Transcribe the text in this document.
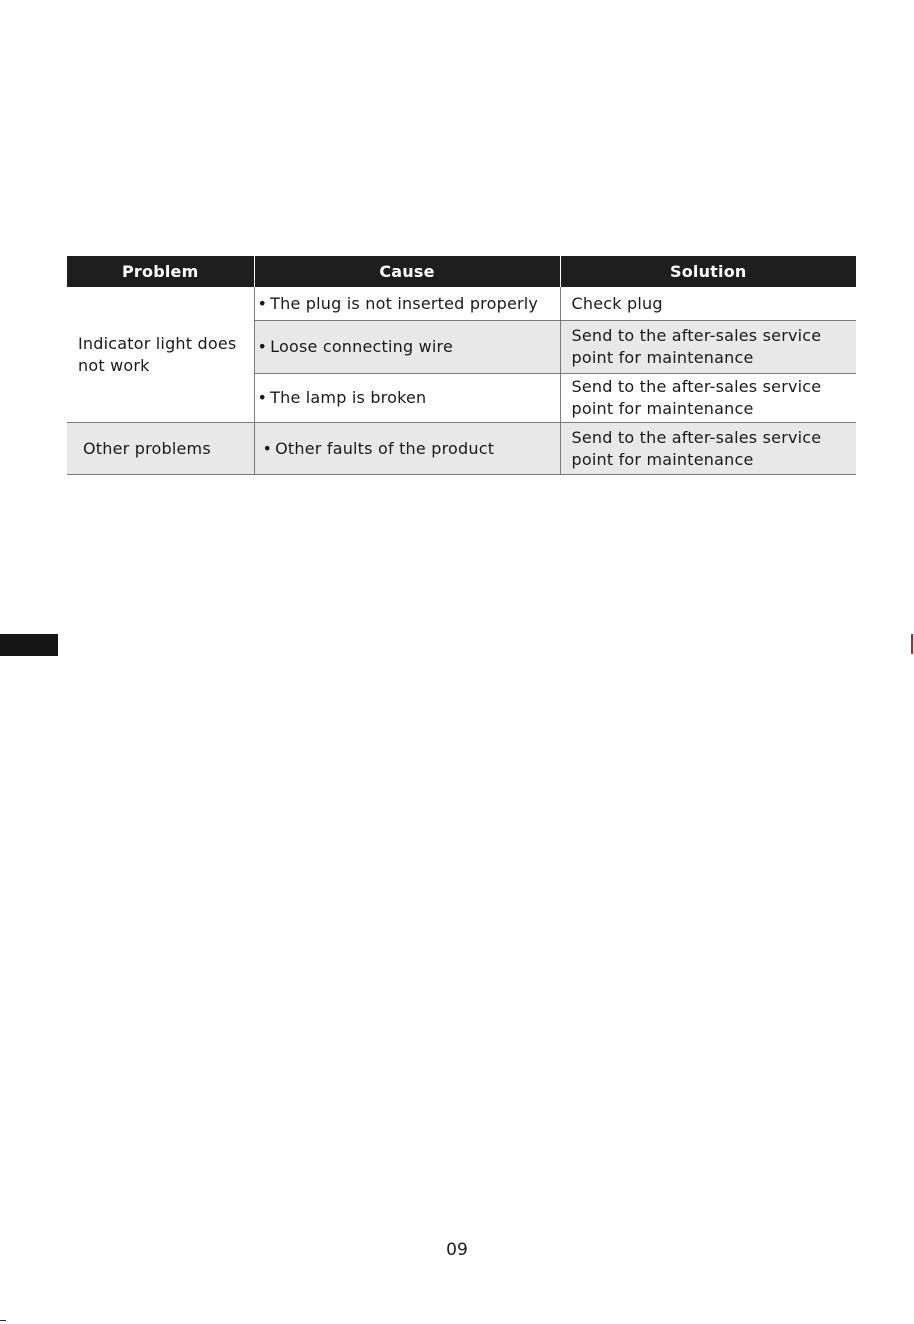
Problem	Cause	Solution
Indicator light does not work	• The plug is not inserted properly	Check plug
	• Loose connecting wire	Send to the after-sales service point for maintenance
	• The lamp is broken	Send to the after-sales service point for maintenance
Other problems	• Other faults of the product	Send to the after-sales service point for maintenance
09
